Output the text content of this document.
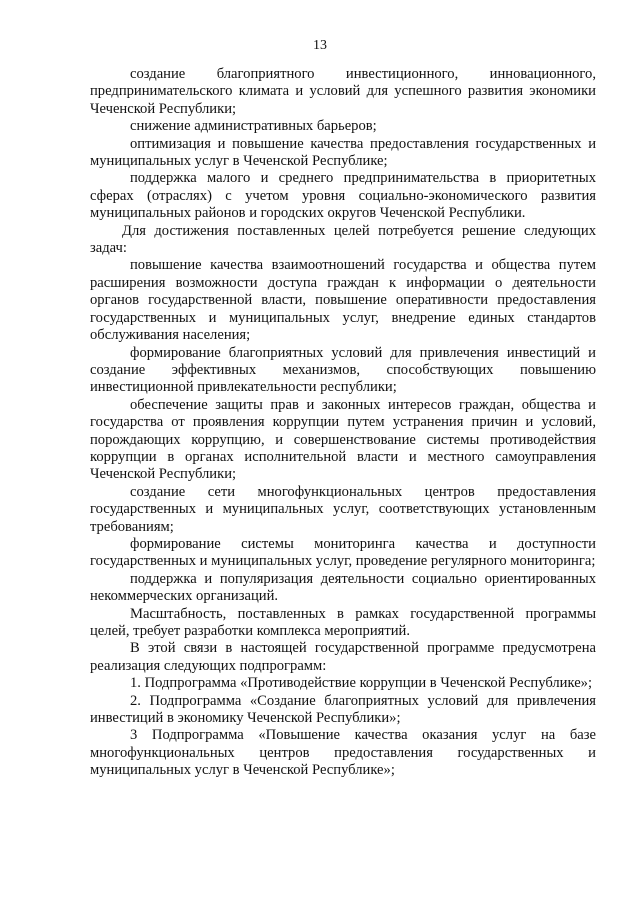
13

создание благоприятного инвестиционного, инновационного, предпринимательского климата и условий для успешного развития экономики Чеченской Республики;

снижение административных барьеров;

оптимизация и повышение качества предоставления государственных и муниципальных услуг в Чеченской Республике;

поддержка малого и среднего предпринимательства в приоритетных сферах (отраслях) с учетом уровня социально-экономического развития муниципальных районов и городских округов Чеченской Республики.

Для достижения поставленных целей потребуется решение следующих задач:

повышение качества взаимоотношений государства и общества путем расширения возможности доступа граждан к информации о деятельности органов государственной власти, повышение оперативности предоставления государственных и муниципальных услуг, внедрение единых стандартов обслуживания населения;

формирование благоприятных условий для привлечения инвестиций и создание эффективных механизмов, способствующих повышению инвестиционной привлекательности республики;

обеспечение защиты прав и законных интересов граждан, общества и государства от проявления коррупции путем устранения причин и условий, порождающих коррупцию, и совершенствование системы противодействия коррупции в органах исполнительной власти и местного самоуправления Чеченской Республики;

создание сети многофункциональных центров предоставления государственных и муниципальных услуг, соответствующих установленным требованиям;

формирование системы мониторинга качества и доступности государственных и муниципальных услуг, проведение регулярного мониторинга;

поддержка и популяризация деятельности социально ориентированных некоммерческих организаций.

Масштабность, поставленных в рамках государственной программы целей, требует разработки комплекса мероприятий.

В этой связи в настоящей государственной программе предусмотрена реализация следующих подпрограмм:

1. Подпрограмма «Противодействие коррупции в Чеченской Республике»;

2. Подпрограмма «Создание благоприятных условий для привлечения инвестиций в экономику Чеченской Республики»;

3 Подпрограмма «Повышение качества оказания услуг на базе многофункциональных центров предоставления государственных и муниципальных услуг в Чеченской Республике»;
